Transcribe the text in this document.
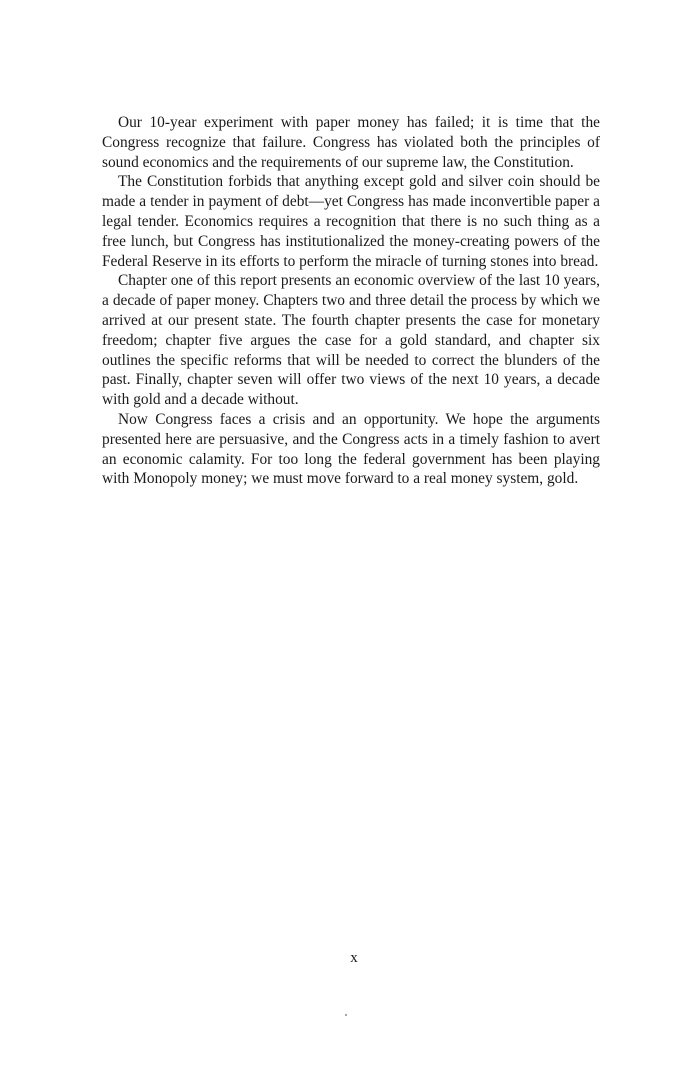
Our 10-year experiment with paper money has failed; it is time that the Congress recognize that failure. Congress has violated both the principles of sound economics and the requirements of our supreme law, the Constitution.

The Constitution forbids that anything except gold and silver coin should be made a tender in payment of debt—yet Congress has made inconvertible paper a legal tender. Economics requires a recognition that there is no such thing as a free lunch, but Congress has institutionalized the money-creating powers of the Federal Reserve in its efforts to perform the miracle of turning stones into bread.

Chapter one of this report presents an economic overview of the last 10 years, a decade of paper money. Chapters two and three detail the process by which we arrived at our present state. The fourth chapter presents the case for monetary freedom; chapter five argues the case for a gold standard, and chapter six outlines the specific reforms that will be needed to correct the blunders of the past. Finally, chapter seven will offer two views of the next 10 years, a decade with gold and a decade without.

Now Congress faces a crisis and an opportunity. We hope the arguments presented here are persuasive, and the Congress acts in a timely fashion to avert an economic calamity. For too long the federal government has been playing with Monopoly money; we must move forward to a real money system, gold.

x
